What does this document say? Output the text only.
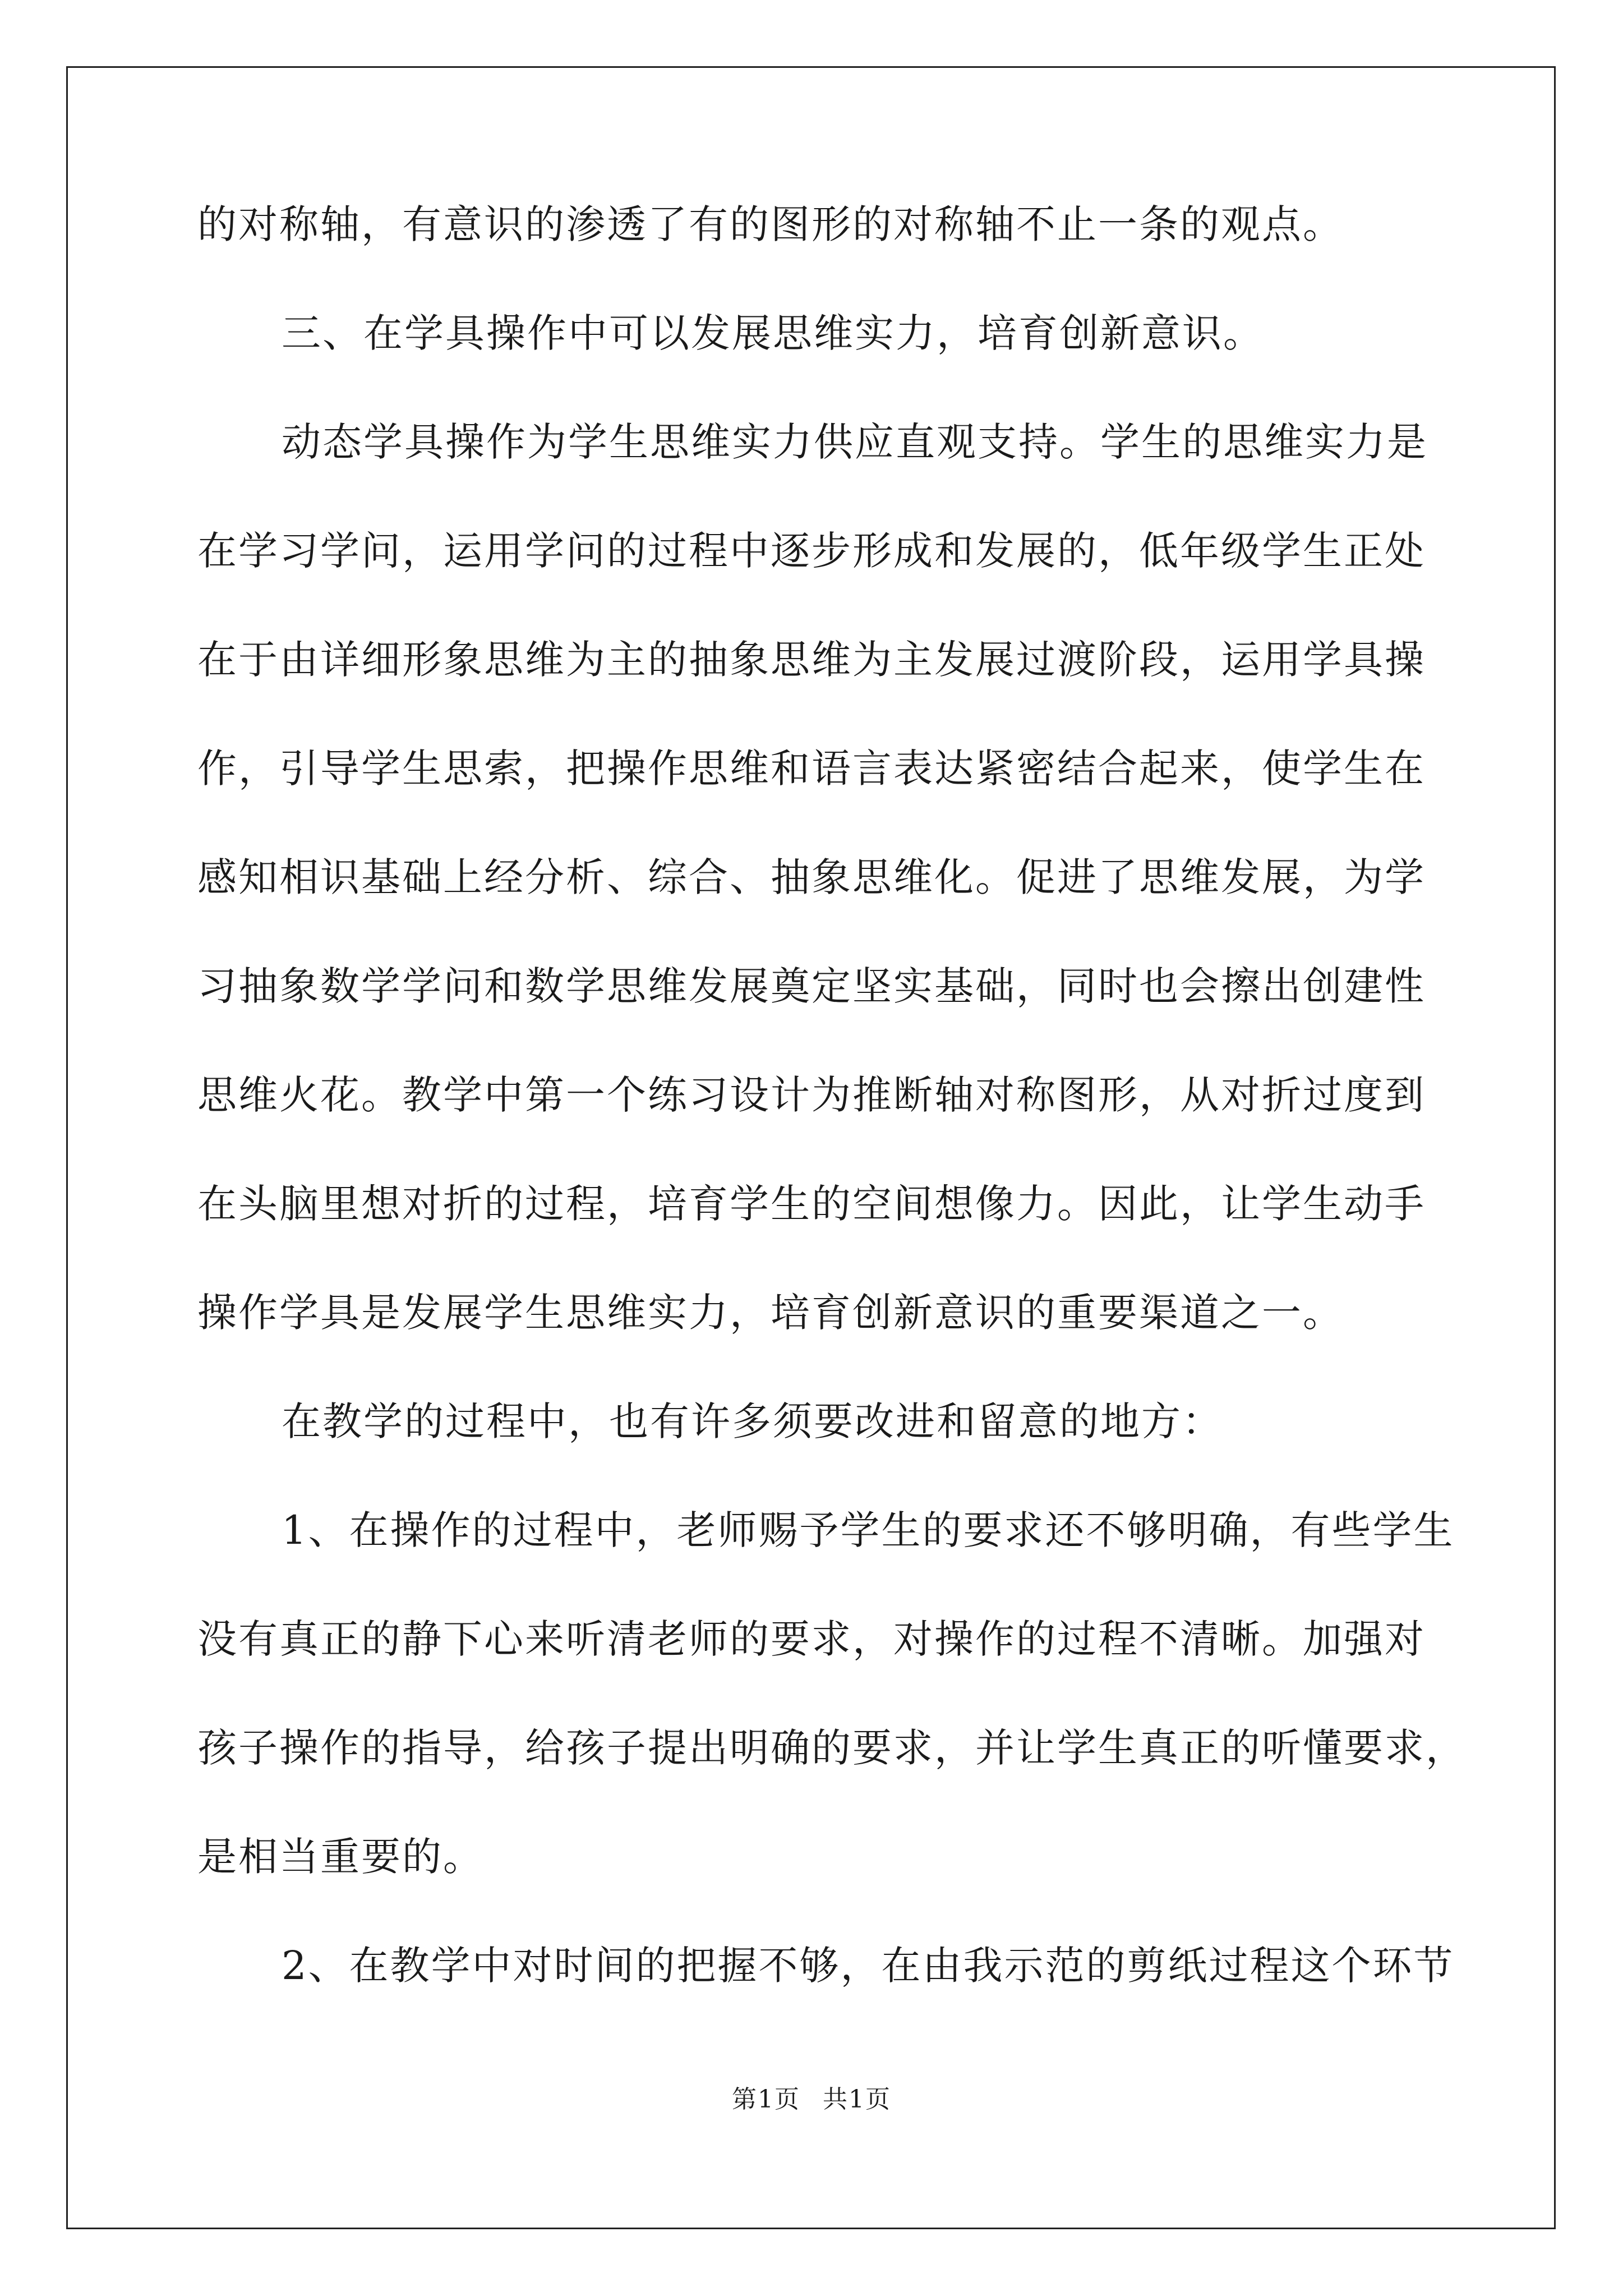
的对称轴，有意识的渗透了有的图形的对称轴不止一条的观点。
三、在学具操作中可以发展思维实力，培育创新意识。
动态学具操作为学生思维实力供应直观支持。学生的思维实力是
在学习学问，运用学问的过程中逐步形成和发展的，低年级学生正处
在于由详细形象思维为主的抽象思维为主发展过渡阶段，运用学具操
作，引导学生思索，把操作思维和语言表达紧密结合起来，使学生在
感知相识基础上经分析、综合、抽象思维化。促进了思维发展，为学
习抽象数学学问和数学思维发展奠定坚实基础，同时也会擦出创建性
思维火花。教学中第一个练习设计为推断轴对称图形，从对折过度到
在头脑里想对折的过程，培育学生的空间想像力。因此，让学生动手
操作学具是发展学生思维实力，培育创新意识的重要渠道之一。
在教学的过程中，也有许多须要改进和留意的地方：
1、在操作的过程中，老师赐予学生的要求还不够明确，有些学生
没有真正的静下心来听清老师的要求，对操作的过程不清晰。加强对
孩子操作的指导，给孩子提出明确的要求，并让学生真正的听懂要求，
是相当重要的。
2、在教学中对时间的把握不够，在由我示范的剪纸过程这个环节
第1页 共1页
